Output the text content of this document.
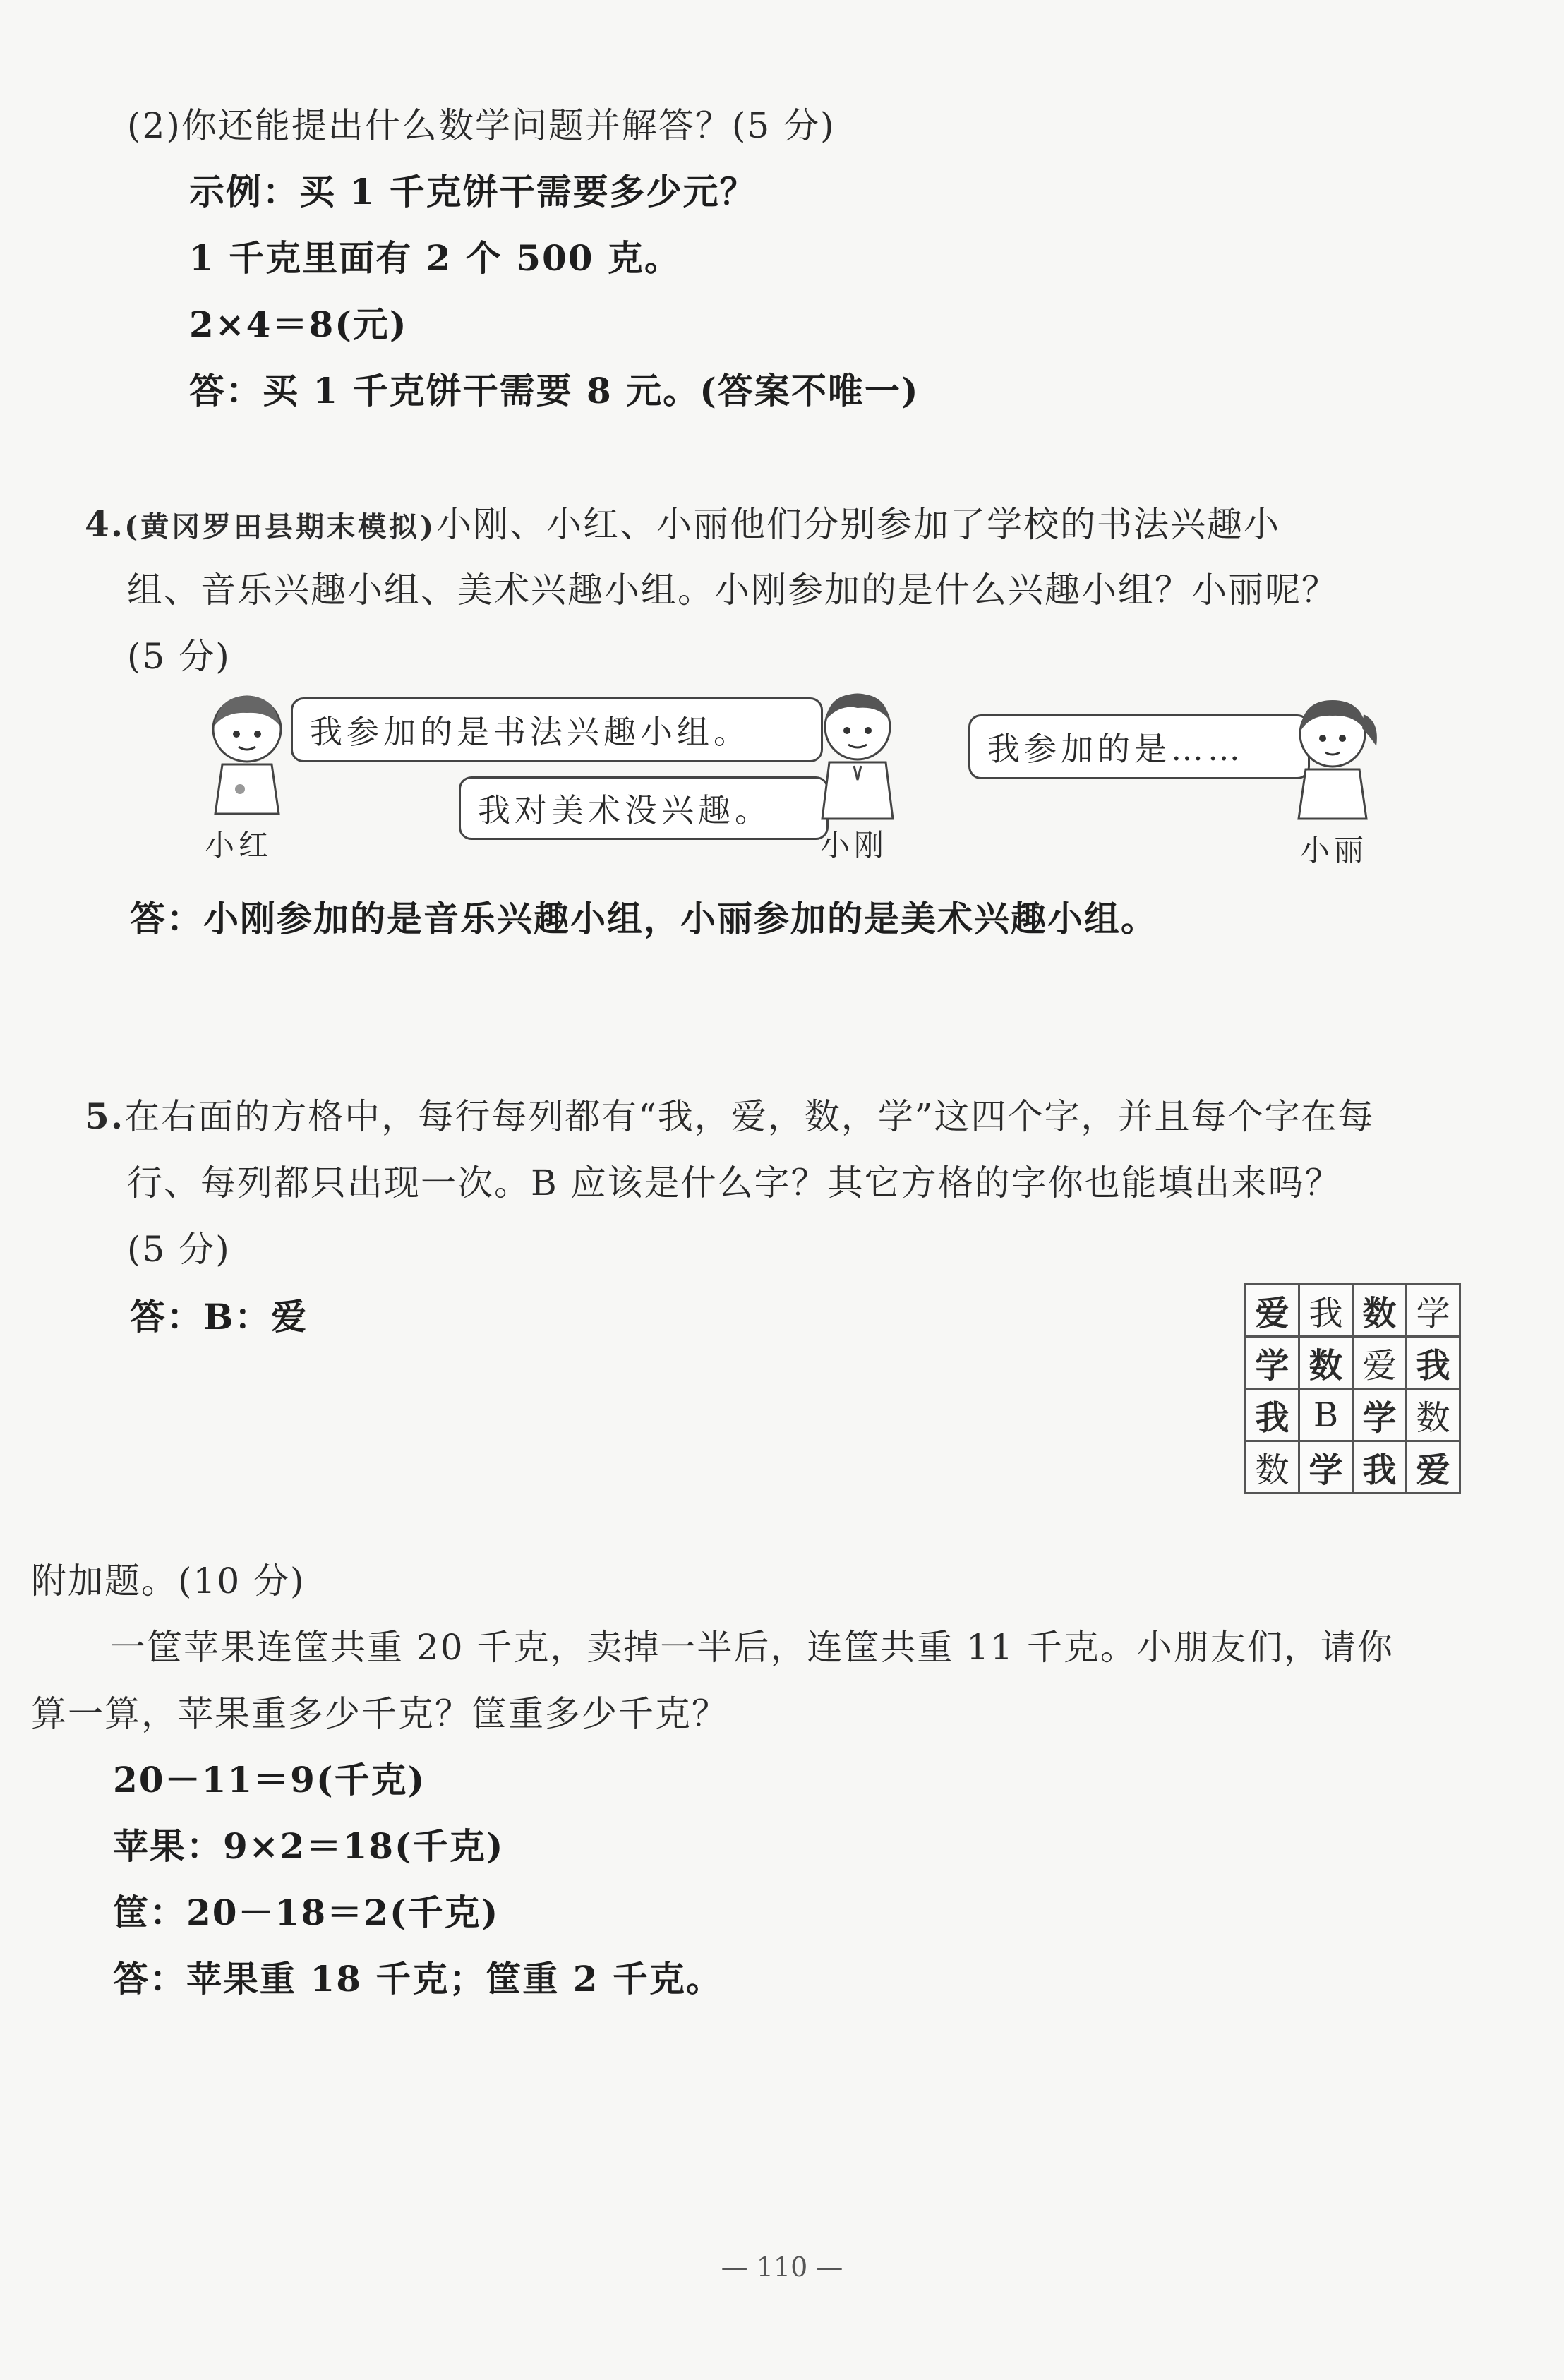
(2)你还能提出什么数学问题并解答？(5 分)
示例：买 1 千克饼干需要多少元？
1 千克里面有 2 个 500 克。
2×4＝8(元)
答：买 1 千克饼干需要 8 元。(答案不唯一)
4.(黄冈罗田县期末模拟)小刚、小红、小丽他们分别参加了学校的书法兴趣小
组、音乐兴趣小组、美术兴趣小组。小刚参加的是什么兴趣小组？小丽呢？
(5 分)
我参加的是书法兴趣小组。
小红
我对美术没兴趣。
小刚
我参加的是……
小丽
答：小刚参加的是音乐兴趣小组，小丽参加的是美术兴趣小组。
5.在右面的方格中，每行每列都有“我，爱，数，学”这四个字，并且每个字在每
行、每列都只出现一次。B 应该是什么字？其它方格的字你也能填出来吗？
(5 分)
答：B：爱	爱	我	数	学
学	数	爱	我
我	B	学	数
数	学	我	爱
附加题。(10 分)
一筐苹果连筐共重 20 千克，卖掉一半后，连筐共重 11 千克。小朋友们，请你
算一算，苹果重多少千克？筐重多少千克？
20－11＝9(千克)
苹果：9×2＝18(千克)
筐：20－18＝2(千克)
答：苹果重 18 千克；筐重 2 千克。
— 110 —
